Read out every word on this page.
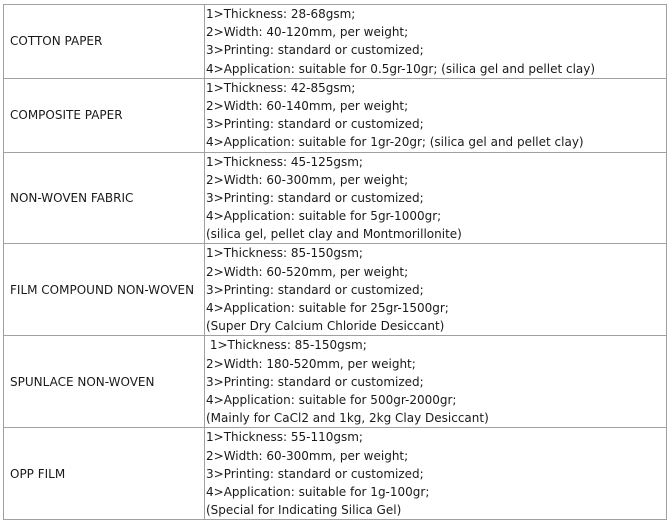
COTTON PAPER	1>Thickness: 28-68gsm;
2>Width: 40-120mm, per weight;
3>Printing: standard or customized;
4>Application: suitable for 0.5gr-10gr; (silica gel and pellet clay)

COMPOSITE PAPER	1>Thickness: 42-85gsm;
2>Width: 60-140mm, per weight;
3>Printing: standard or customized;
4>Application: suitable for 1gr-20gr; (silica gel and pellet clay)

NON-WOVEN FABRIC	1>Thickness: 45-125gsm;
2>Width: 60-300mm, per weight;
3>Printing: standard or customized;
4>Application: suitable for 5gr-1000gr;
(silica gel, pellet clay and Montmorillonite)

FILM COMPOUND NON-WOVEN	1>Thickness: 85-150gsm;
2>Width: 60-520mm, per weight;
3>Printing: standard or customized;
4>Application: suitable for 25gr-1500gr;
(Super Dry Calcium Chloride Desiccant)

SPUNLACE NON-WOVEN	1>Thickness: 85-150gsm;
2>Width: 180-520mm, per weight;
3>Printing: standard or customized;
4>Application: suitable for 500gr-2000gr;
(Mainly for CaCl2 and 1kg, 2kg Clay Desiccant)

OPP FILM	1>Thickness: 55-110gsm;
2>Width: 60-300mm, per weight;
3>Printing: standard or customized;
4>Application: suitable for 1g-100gr;
(Special for Indicating Silica Gel)
